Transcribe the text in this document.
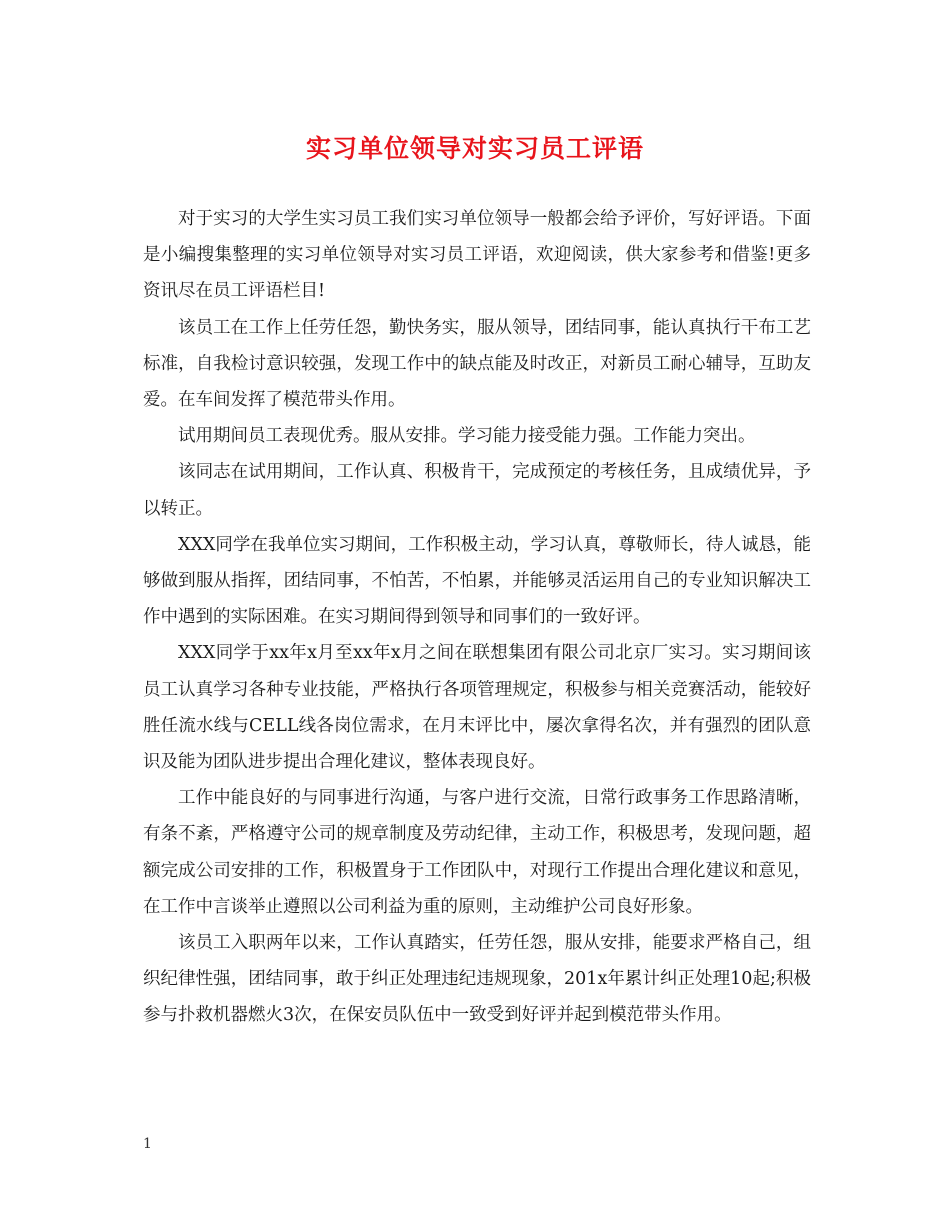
实习单位领导对实习员工评语

对于实习的大学生实习员工我们实习单位领导一般都会给予评价，写好评语。下面是小编搜集整理的实习单位领导对实习员工评语，欢迎阅读，供大家参考和借鉴!更多资讯尽在员工评语栏目!

该员工在工作上任劳任怨，勤快务实，服从领导，团结同事，能认真执行干布工艺标准，自我检讨意识较强，发现工作中的缺点能及时改正，对新员工耐心辅导，互助友爱。在车间发挥了模范带头作用。

试用期间员工表现优秀。服从安排。学习能力接受能力强。工作能力突出。

该同志在试用期间，工作认真、积极肯干，完成预定的考核任务，且成绩优异，予以转正。

XXX同学在我单位实习期间，工作积极主动，学习认真，尊敬师长，待人诚恳，能够做到服从指挥，团结同事，不怕苦，不怕累，并能够灵活运用自己的专业知识解决工作中遇到的实际困难。在实习期间得到领导和同事们的一致好评。

XXX同学于xx年x月至xx年x月之间在联想集团有限公司北京厂实习。实习期间该员工认真学习各种专业技能，严格执行各项管理规定，积极参与相关竞赛活动，能较好胜任流水线与CELL线各岗位需求，在月末评比中，屡次拿得名次，并有强烈的团队意识及能为团队进步提出合理化建议，整体表现良好。

工作中能良好的与同事进行沟通，与客户进行交流，日常行政事务工作思路清晰，有条不紊，严格遵守公司的规章制度及劳动纪律，主动工作，积极思考，发现问题，超额完成公司安排的工作，积极置身于工作团队中，对现行工作提出合理化建议和意见，在工作中言谈举止遵照以公司利益为重的原则，主动维护公司良好形象。

该员工入职两年以来，工作认真踏实，任劳任怨，服从安排，能要求严格自己，组织纪律性强，团结同事，敢于纠正处理违纪违规现象，201x年累计纠正处理10起;积极参与扑救机器燃火3次，在保安员队伍中一致受到好评并起到模范带头作用。

1
